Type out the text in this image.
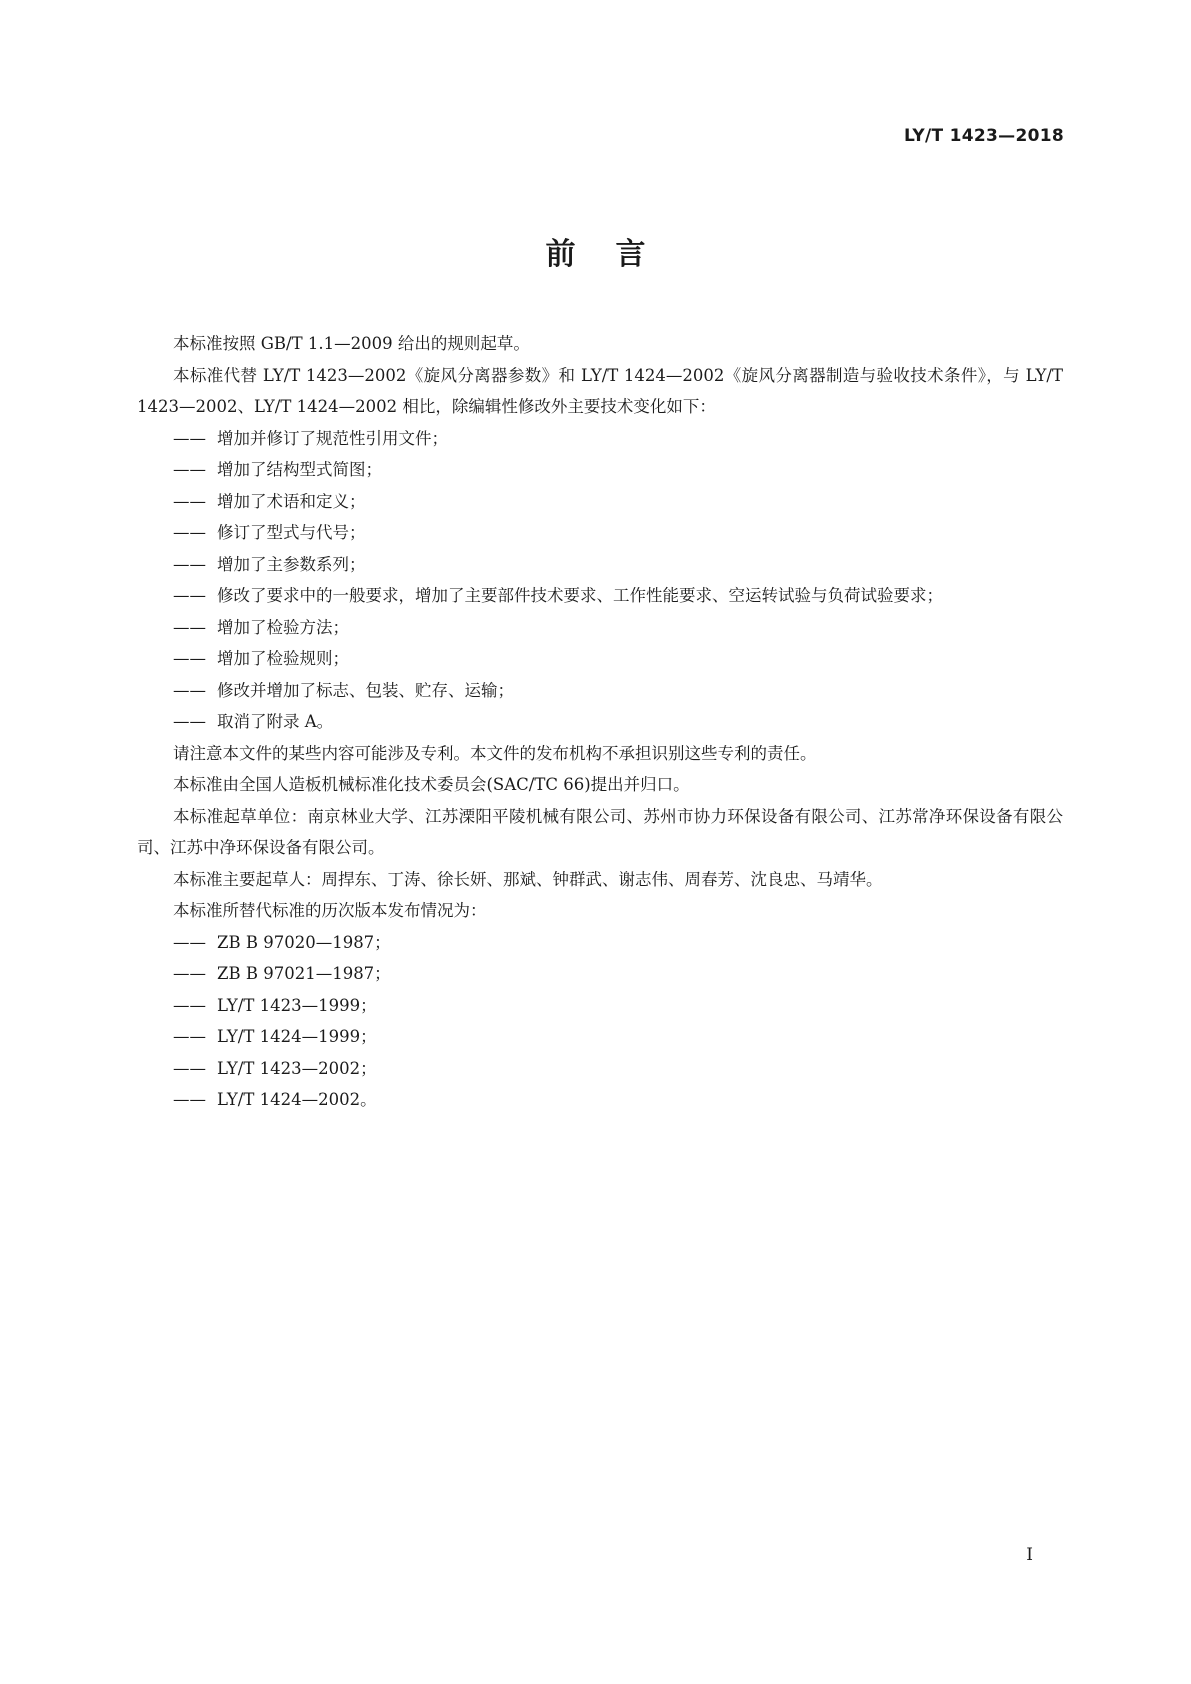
LY/T 1423—2018
前言

本标准按照 GB/T 1.1—2009 给出的规则起草。

本标准代替 LY/T 1423—2002《旋风分离器参数》和 LY/T 1424—2002《旋风分离器制造与验收技术条件》，与 LY/T 1423—2002、LY/T 1424—2002 相比，除编辑性修改外主要技术变化如下：

—— 增加并修订了规范性引用文件；

—— 增加了结构型式简图；

—— 增加了术语和定义；

—— 修订了型式与代号；

—— 增加了主参数系列；

—— 修改了要求中的一般要求，增加了主要部件技术要求、工作性能要求、空运转试验与负荷试验要求；

—— 增加了检验方法；

—— 增加了检验规则；

—— 修改并增加了标志、包装、贮存、运输；

—— 取消了附录 A。

请注意本文件的某些内容可能涉及专利。本文件的发布机构不承担识别这些专利的责任。

本标准由全国人造板机械标准化技术委员会(SAC/TC 66)提出并归口。

本标准起草单位：南京林业大学、江苏溧阳平陵机械有限公司、苏州市协力环保设备有限公司、江苏常净环保设备有限公司、江苏中净环保设备有限公司。

本标准主要起草人：周捍东、丁涛、徐长妍、那斌、钟群武、谢志伟、周春芳、沈良忠、马靖华。

本标准所替代标准的历次版本发布情况为：

—— ZB B 97020—1987；

—— ZB B 97021—1987；

—— LY/T 1423—1999；

—— LY/T 1424—1999；

—— LY/T 1423—2002；

—— LY/T 1424—2002。

I
